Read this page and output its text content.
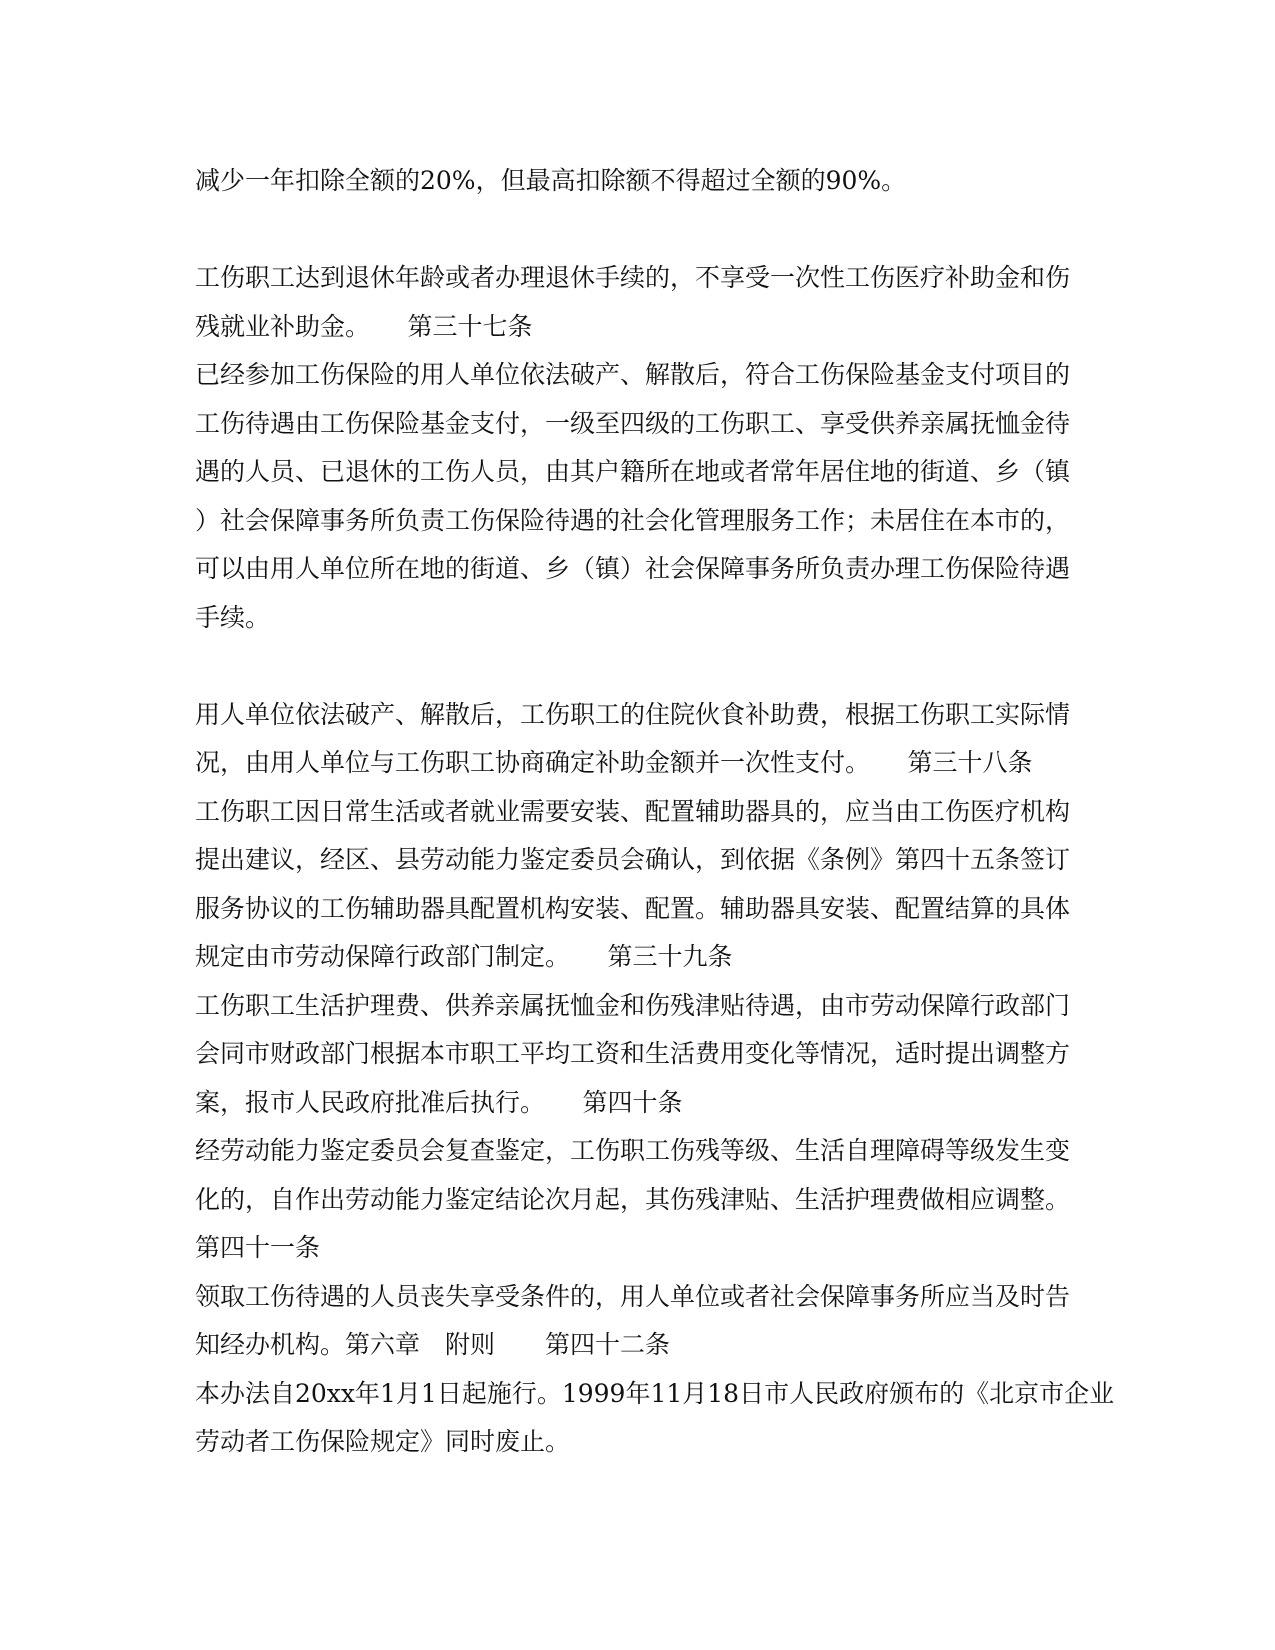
减少一年扣除全额的20%，但最高扣除额不得超过全额的90%。
工伤职工达到退休年龄或者办理退休手续的，不享受一次性工伤医疗补助金和伤
残就业补助金。　　第三十七条
已经参加工伤保险的用人单位依法破产、解散后，符合工伤保险基金支付项目的
工伤待遇由工伤保险基金支付，一级至四级的工伤职工、享受供养亲属抚恤金待
遇的人员、已退休的工伤人员，由其户籍所在地或者常年居住地的街道、乡（镇
）社会保障事务所负责工伤保险待遇的社会化管理服务工作；未居住在本市的，
可以由用人单位所在地的街道、乡（镇）社会保障事务所负责办理工伤保险待遇
手续。
用人单位依法破产、解散后，工伤职工的住院伙食补助费，根据工伤职工实际情
况，由用人单位与工伤职工协商确定补助金额并一次性支付。　　第三十八条
工伤职工因日常生活或者就业需要安装、配置辅助器具的，应当由工伤医疗机构
提出建议，经区、县劳动能力鉴定委员会确认，到依据《条例》第四十五条签订
服务协议的工伤辅助器具配置机构安装、配置。辅助器具安装、配置结算的具体
规定由市劳动保障行政部门制定。　　第三十九条
工伤职工生活护理费、供养亲属抚恤金和伤残津贴待遇，由市劳动保障行政部门
会同市财政部门根据本市职工平均工资和生活费用变化等情况，适时提出调整方
案，报市人民政府批准后执行。　　第四十条
经劳动能力鉴定委员会复查鉴定，工伤职工伤残等级、生活自理障碍等级发生变
化的，自作出劳动能力鉴定结论次月起，其伤残津贴、生活护理费做相应调整。
第四十一条
领取工伤待遇的人员丧失享受条件的，用人单位或者社会保障事务所应当及时告
知经办机构。第六章　附则　　第四十二条
本办法自20xx年1月1日起施行。1999年11月18日市人民政府颁布的《北京市企业
劳动者工伤保险规定》同时废止。
